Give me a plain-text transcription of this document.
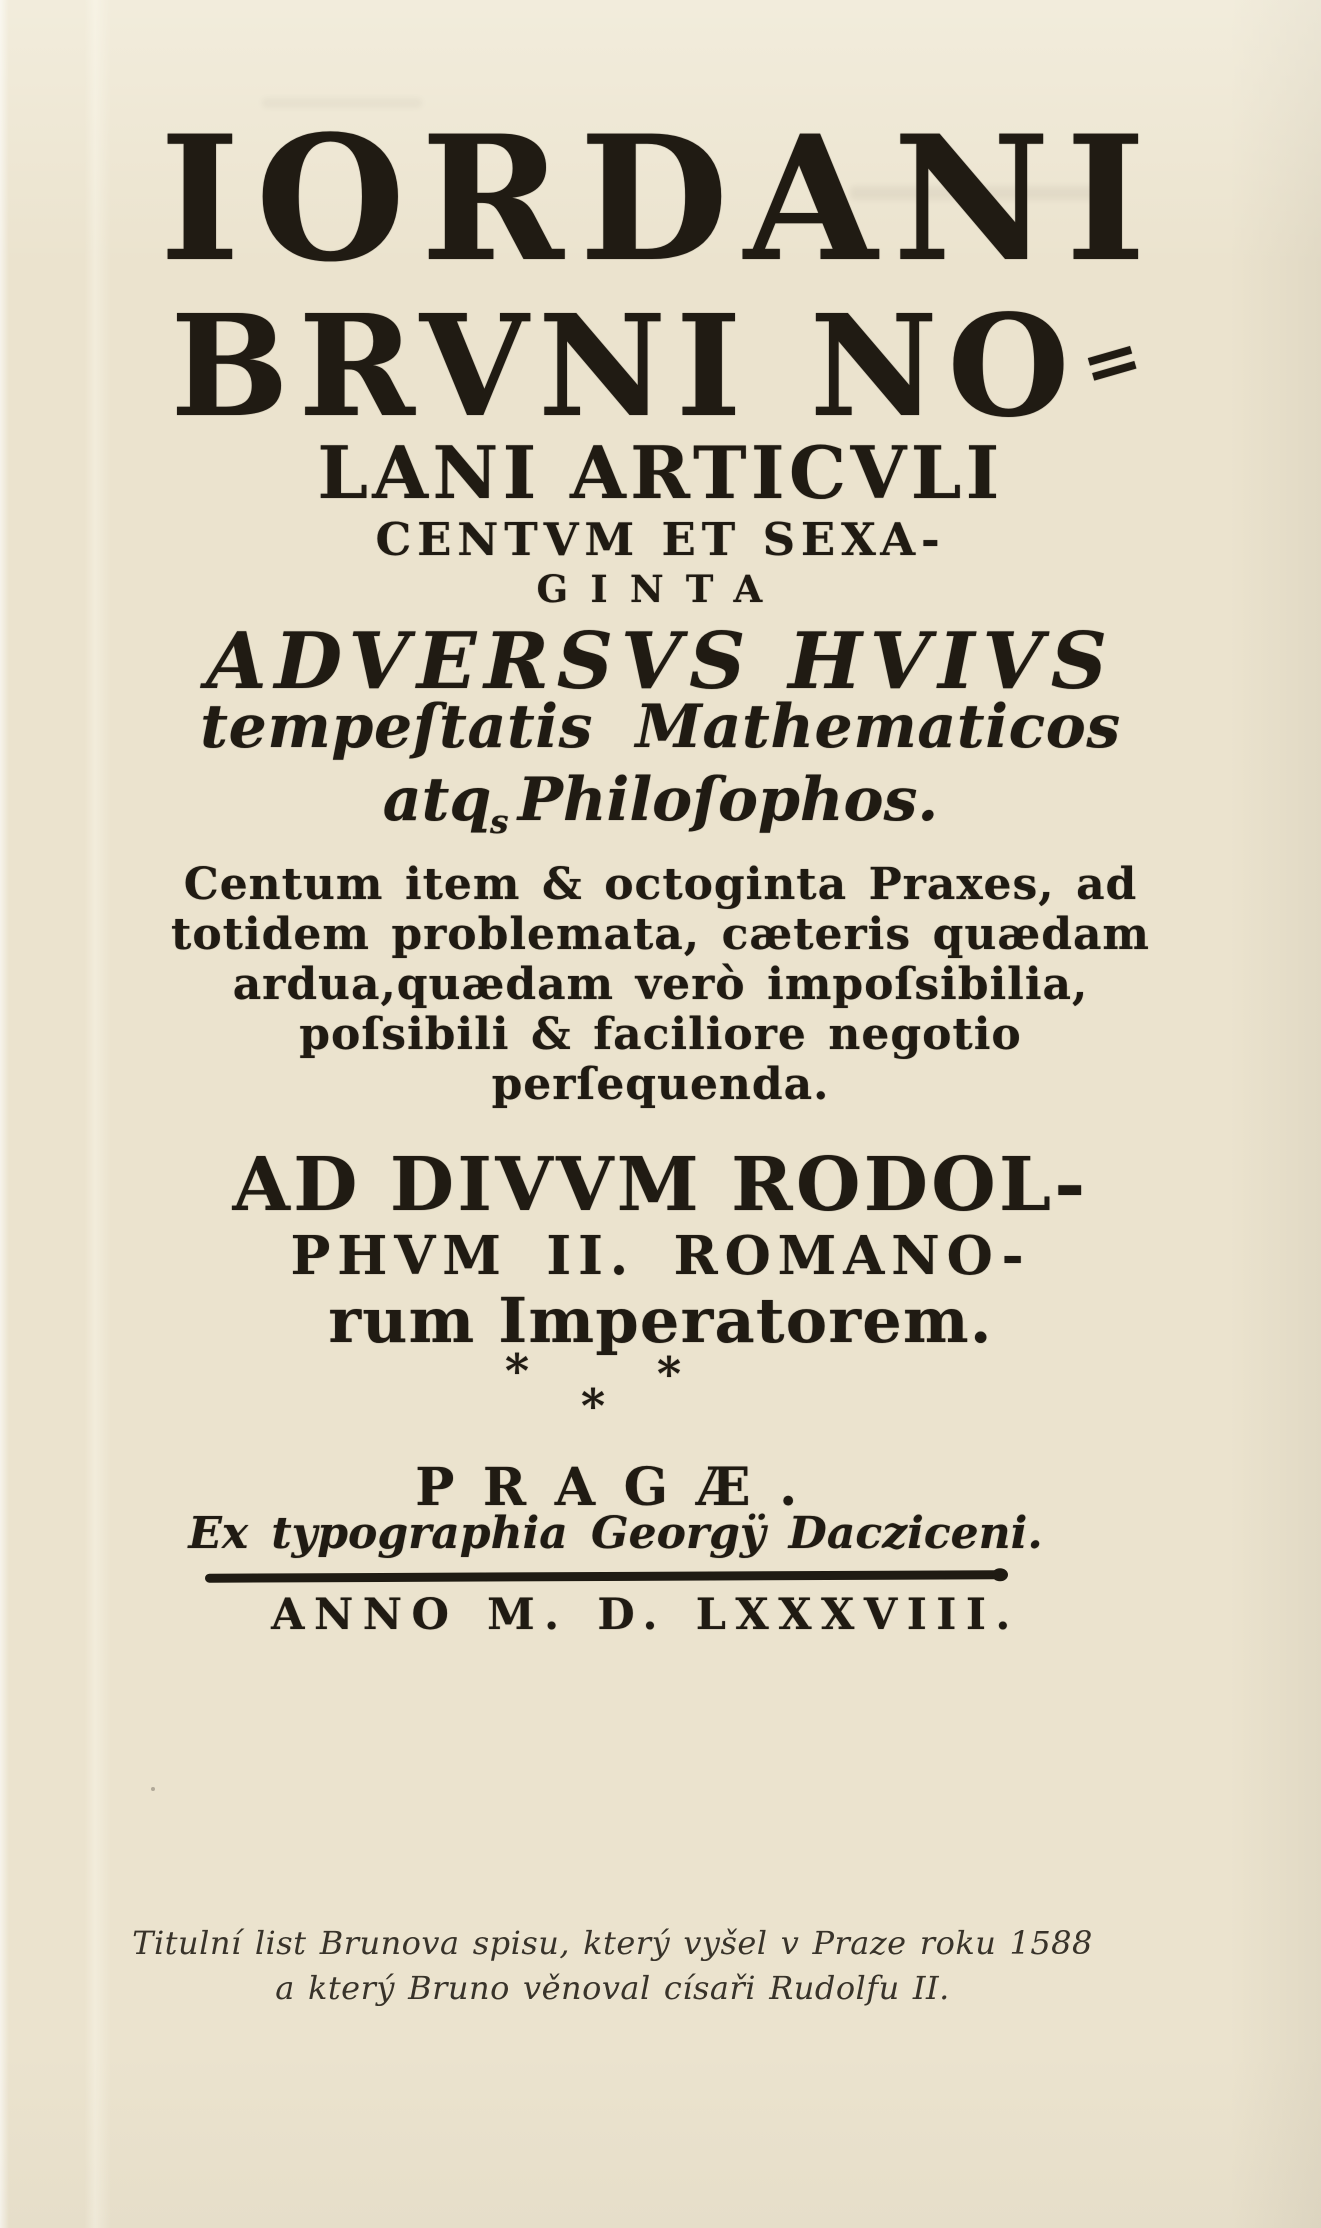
IORDANI
BRVNI NO=
LANI ARTICVLI
CENTVM ET SEXA-
GINTA
ADVERSVS HVIVS
tempeſtatis Mathematicos
atqs Philoſophos.
Centum item & octoginta Praxes, ad
totidem problemata, cæteris quædam
ardua,quædam verò impoſsibilia,
poſsibili & faciliore negotio
perſequenda.
AD DIVVM RODOL-
PHVM II. ROMANO-
rum Imperatorem.
*	*
*
PRAGÆ.
Ex typographia Georgÿ Dacziceni.
ANNO M. D. LXXXVIII.
Titulní list Brunova spisu, který vyšel v Praze roku 1588
a který Bruno věnoval císaři Rudolfu II.
